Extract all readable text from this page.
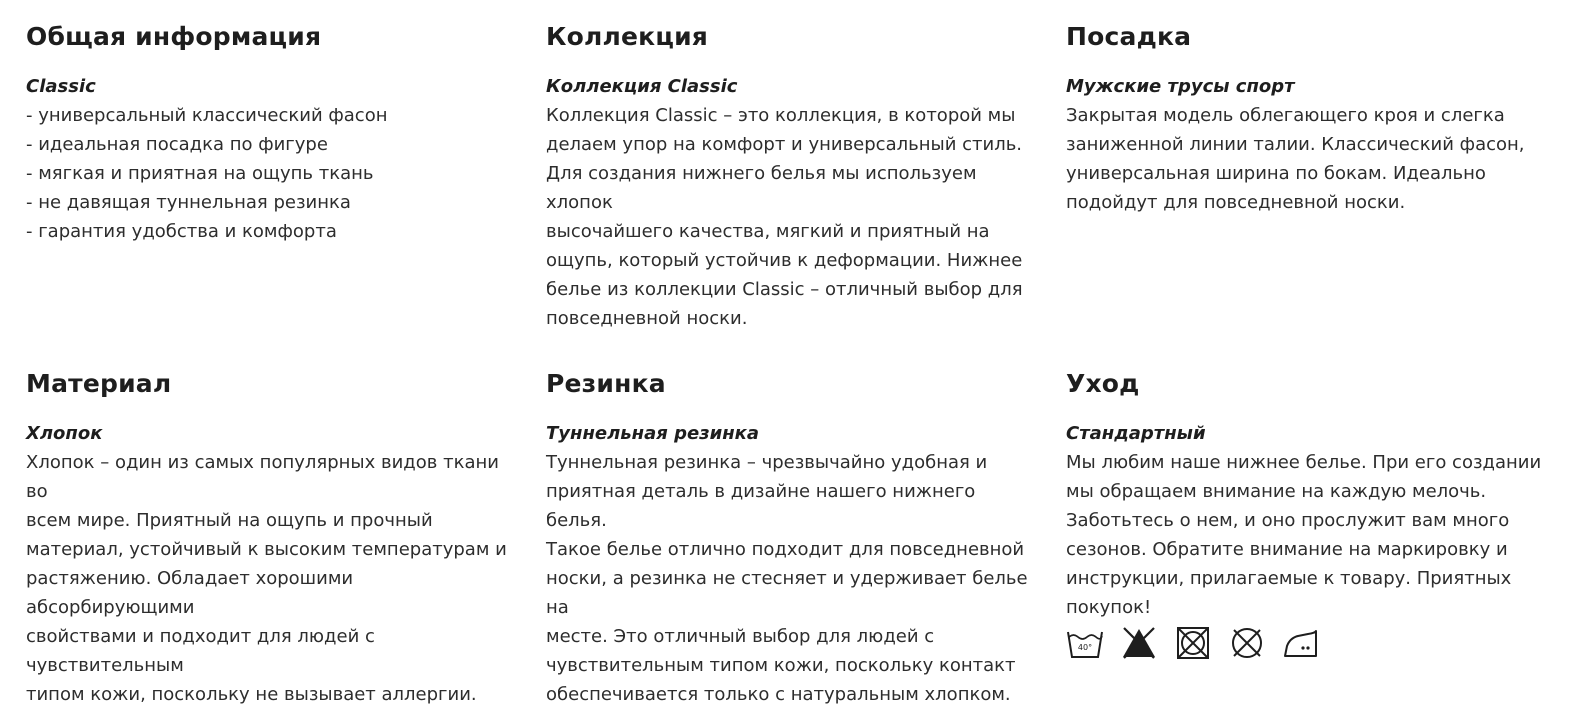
Общая информация

Classic

- универсальный классический фасон
- идеальная посадка по фигуре
- мягкая и приятная на ощупь ткань
- не давящая туннельная резинка
- гарантия удобства и комфорта

Коллекция

Коллекция Classic

Коллекция Classic – это коллекция, в которой мы
делаем упор на комфорт и универсальный стиль.
Для создания нижнего белья мы используем хлопок
высочайшего качества, мягкий и приятный на
ощупь, который устойчив к деформации. Нижнее
белье из коллекции Classic – отличный выбор для
повседневной носки.

Посадка

Мужские трусы спорт

Закрытая модель облегающего кроя и слегка
заниженной линии талии. Классический фасон,
универсальная ширина по бокам. Идеально
подойдут для повседневной носки.

Материал

Хлопок

Хлопок – один из самых популярных видов ткани во
всем мире. Приятный на ощупь и прочный
материал, устойчивый к высоким температурам и
растяжению. Обладает хорошими абсорбирующими
свойствами и подходит для людей с чувствительным
типом кожи, поскольку не вызывает аллергии.

Резинка

Туннельная резинка

Туннельная резинка – чрезвычайно удобная и
приятная деталь в дизайне нашего нижнего белья.
Такое белье отлично подходит для повседневной
носки, а резинка не стесняет и удерживает белье на
месте. Это отличный выбор для людей с
чувствительным типом кожи, поскольку контакт
обеспечивается только с натуральным хлопком.

Уход

Стандартный

Мы любим наше нижнее белье. При его создании
мы обращаем внимание на каждую мелочь.
Заботьтесь о нем, и оно прослужит вам много
сезонов. Обратите внимание на маркировку и
инструкции, прилагаемые к товару. Приятных
покупок!

40°
